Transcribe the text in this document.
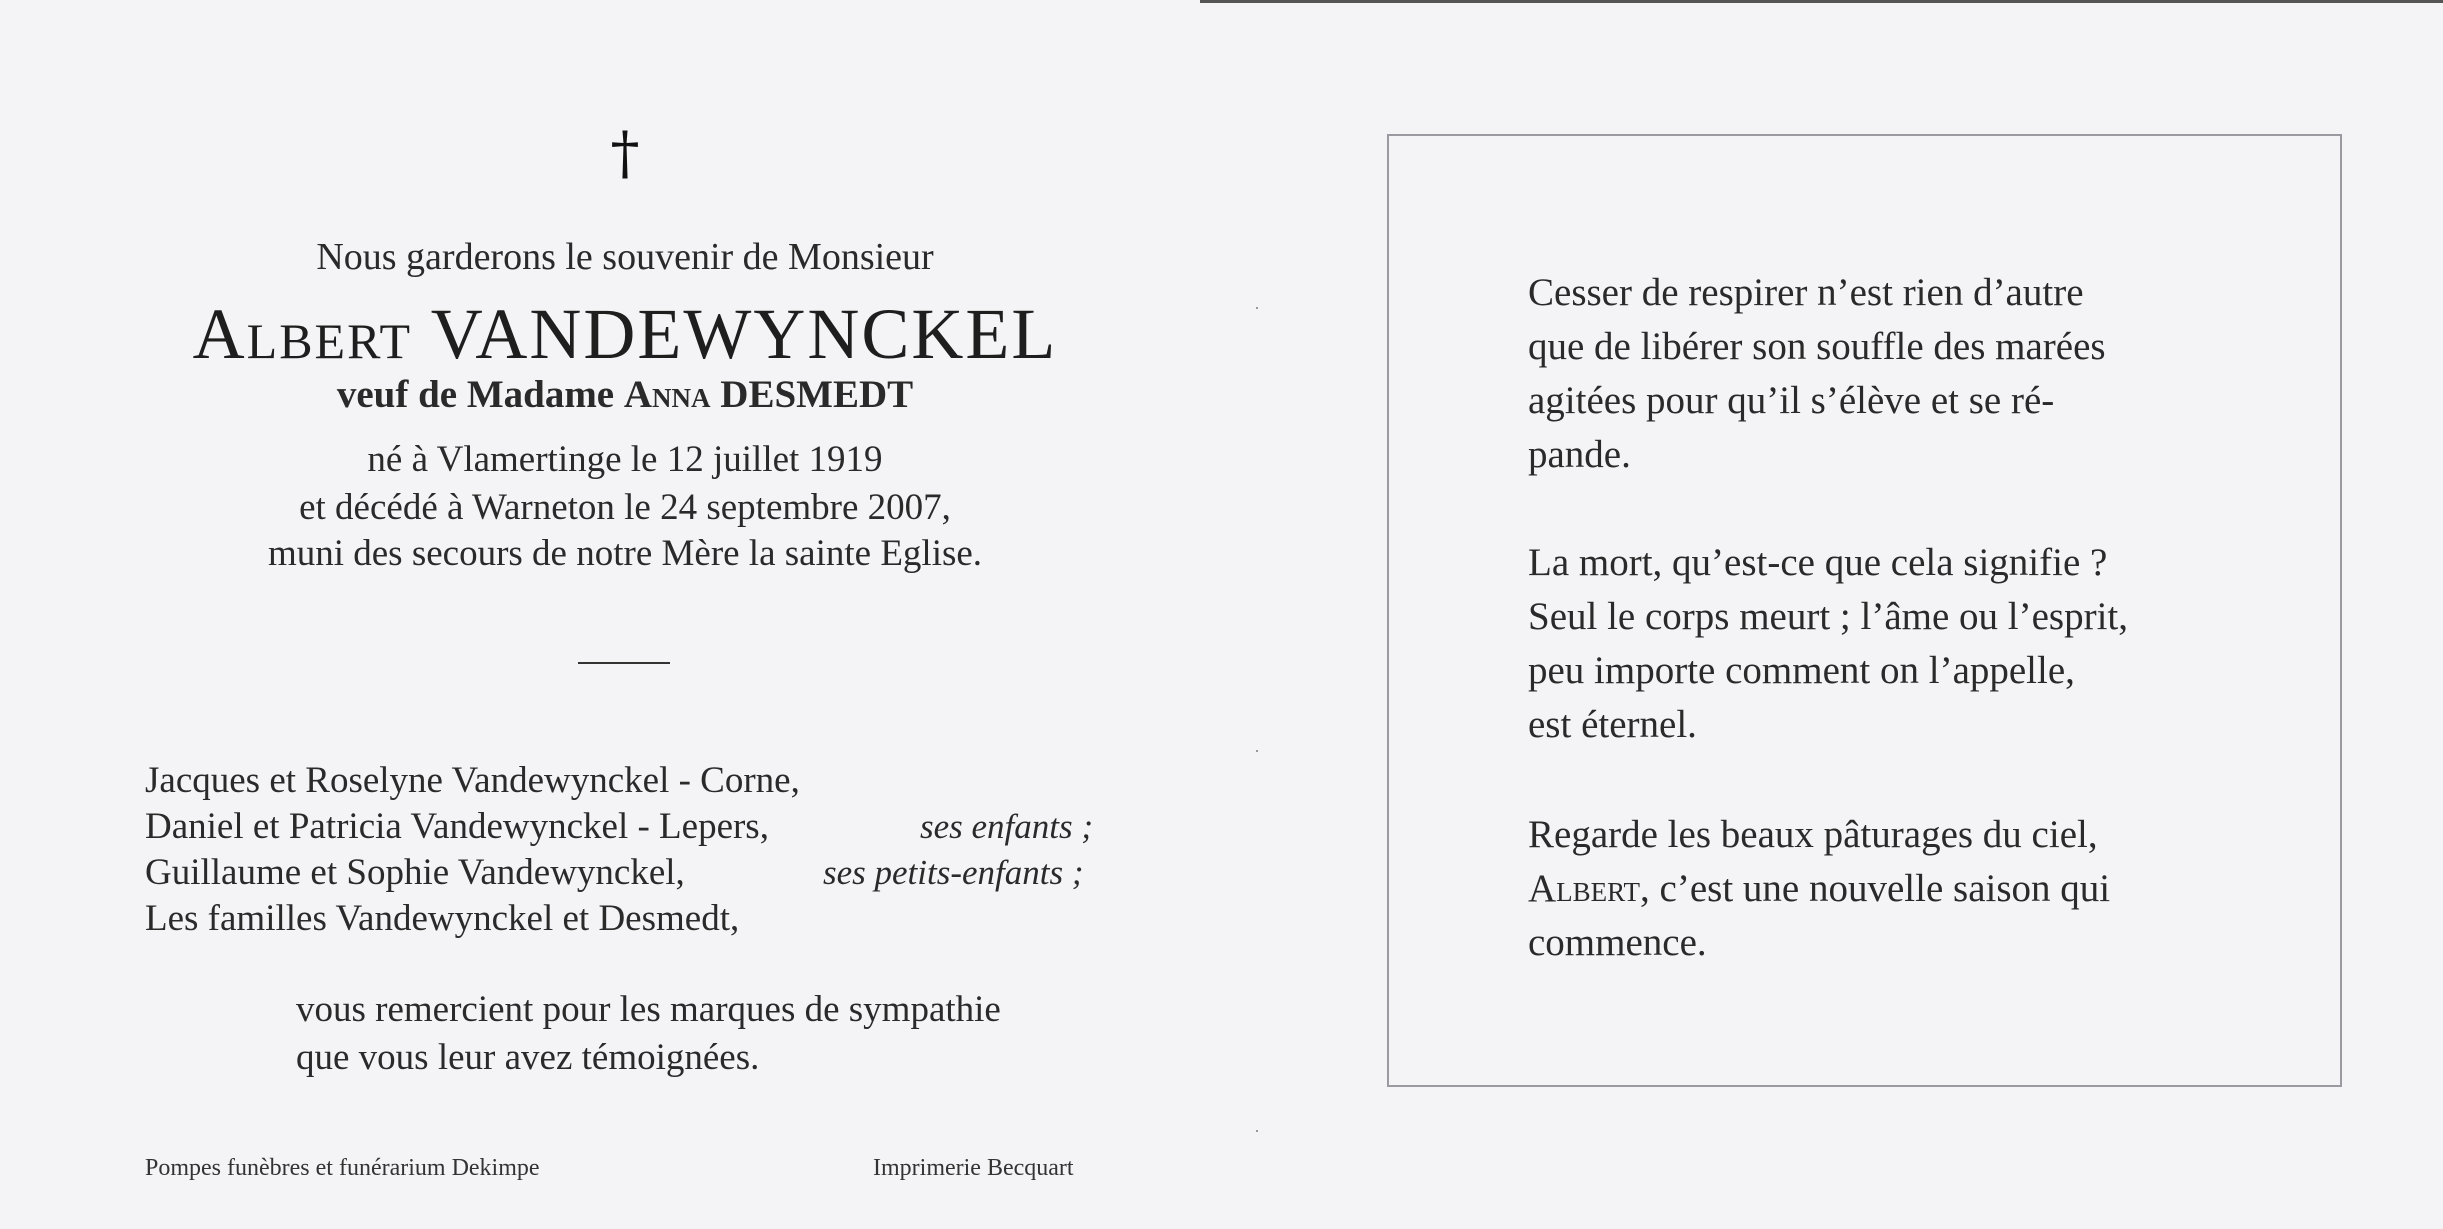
†
Nous garderons le souvenir de Monsieur
Albert VANDEWYNCKEL
veuf de Madame Anna DESMEDT
né à Vlamertinge le 12 juillet 1919
et décédé à Warneton le 24 septembre 2007,
muni des secours de notre Mère la sainte Eglise.
Jacques et Roselyne Vandewynckel - Corne,
Daniel et Patricia Vandewynckel - Lepers,	ses enfants ;
Guillaume et Sophie Vandewynckel,	ses petits-enfants ;
Les familles Vandewynckel et Desmedt,
vous remercient pour les marques de sympathie
que vous leur avez témoignées.
Pompes funèbres et funérarium Dekimpe	Imprimerie Becquart
Cesser de respirer n’est rien d’autre
que de libérer son souffle des marées
agitées pour qu’il s’élève et se ré-
pande.
La mort, qu’est-ce que cela signifie ?
Seul le corps meurt ; l’âme ou l’esprit,
peu importe comment on l’appelle,
est éternel.
Regarde les beaux pâturages du ciel,
Albert, c’est une nouvelle saison qui
commence.
